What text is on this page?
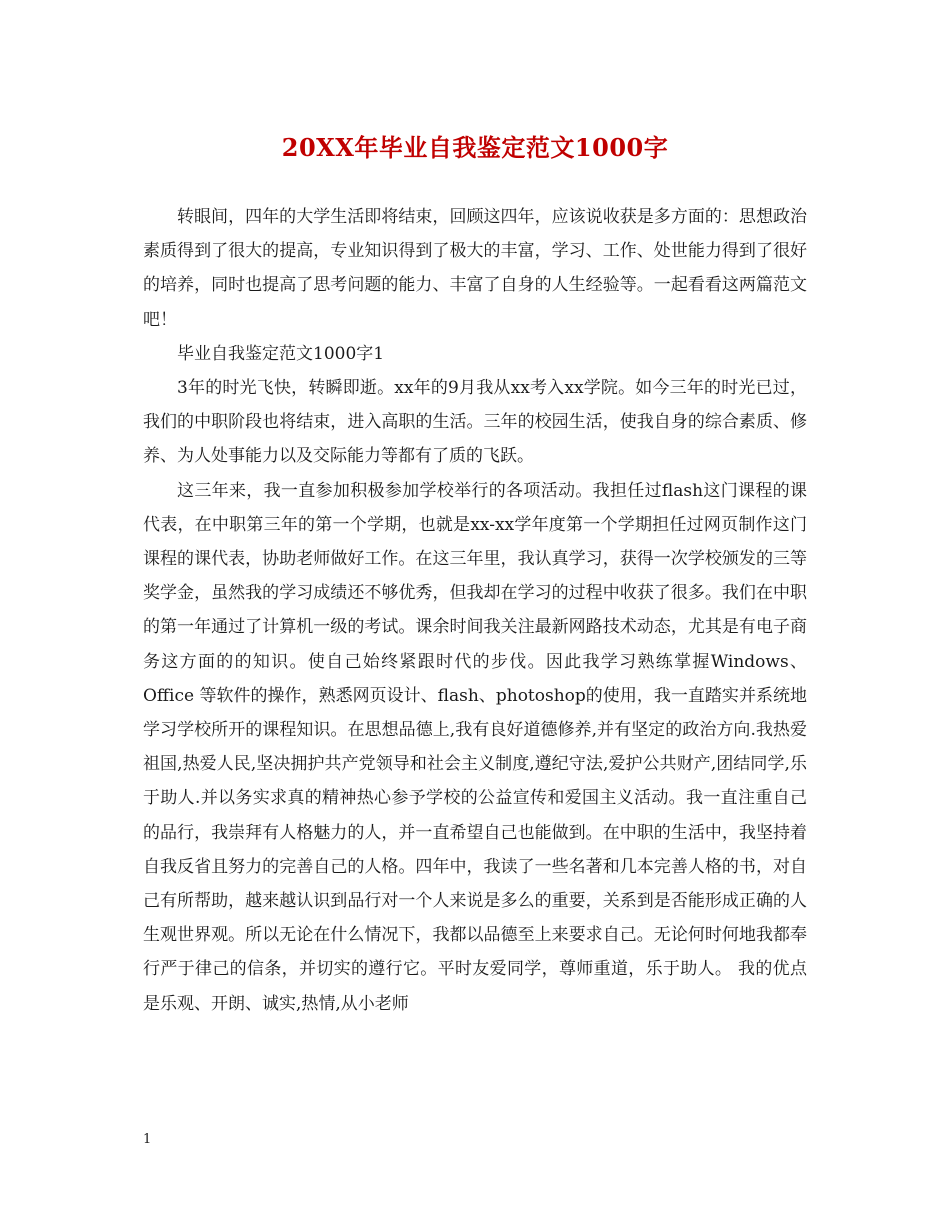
20XX年毕业自我鉴定范文1000字

转眼间，四年的大学生活即将结束，回顾这四年，应该说收获是多方面的：思想政治素质得到了很大的提高，专业知识得到了极大的丰富，学习、工作、处世能力得到了很好的培养，同时也提高了思考问题的能力、丰富了自身的人生经验等。一起看看这两篇范文吧！

毕业自我鉴定范文1000字1

3年的时光飞快，转瞬即逝。xx年的9月我从xx考入xx学院。如今三年的时光已过，我们的中职阶段也将结束，进入高职的生活。三年的校园生活，使我自身的综合素质、修养、为人处事能力以及交际能力等都有了质的飞跃。

这三年来，我一直参加积极参加学校举行的各项活动。我担任过flash这门课程的课代表，在中职第三年的第一个学期，也就是xx-xx学年度第一个学期担任过网页制作这门课程的课代表，协助老师做好工作。在这三年里，我认真学习，获得一次学校颁发的三等奖学金，虽然我的学习成绩还不够优秀，但我却在学习的过程中收获了很多。我们在中职的第一年通过了计算机一级的考试。课余时间我关注最新网路技术动态，尤其是有电子商务这方面的的知识。使自己始终紧跟时代的步伐。因此我学习熟练掌握Windows、Office 等软件的操作，熟悉网页设计、flash、photoshop的使用，我一直踏实并系统地学习学校所开的课程知识。在思想品德上,我有良好道德修养,并有坚定的政治方向.我热爱祖国,热爱人民,坚决拥护共产党领导和社会主义制度,遵纪守法,爱护公共财产,团结同学,乐于助人.并以务实求真的精神热心参予学校的公益宣传和爱国主义活动。我一直注重自己的品行，我崇拜有人格魅力的人，并一直希望自己也能做到。在中职的生活中，我坚持着自我反省且努力的完善自己的人格。四年中，我读了一些名著和几本完善人格的书，对自己有所帮助，越来越认识到品行对一个人来说是多么的重要，关系到是否能形成正确的人生观世界观。所以无论在什么情况下，我都以品德至上来要求自己。无论何时何地我都奉行严于律己的信条，并切实的遵行它。平时友爱同学，尊师重道，乐于助人。 我的优点是乐观、开朗、诚实,热情,从小老师

1
